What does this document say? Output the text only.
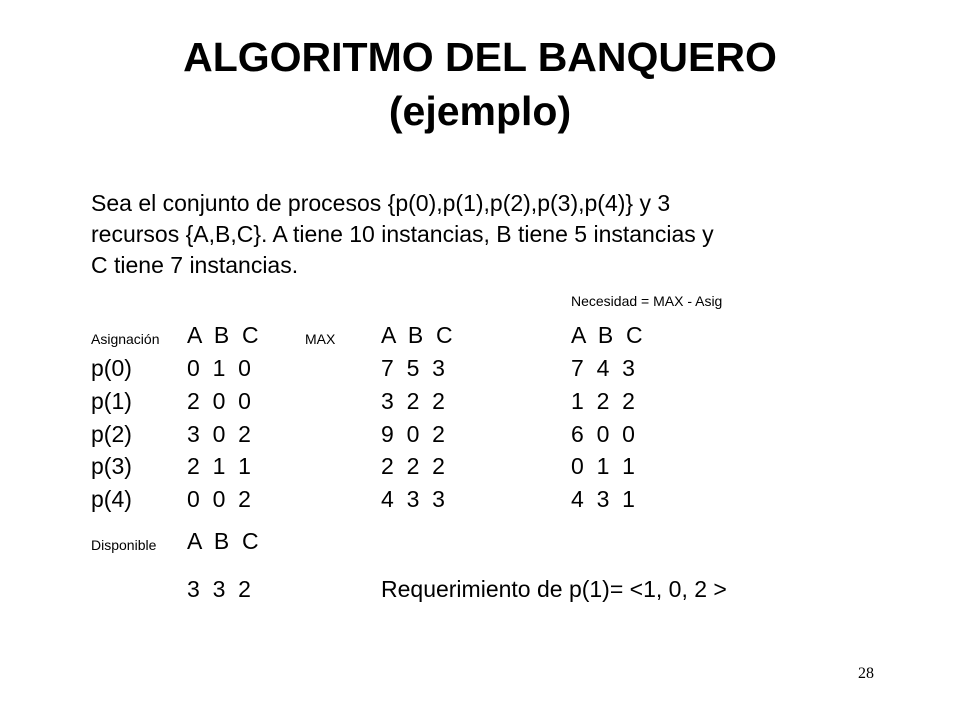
ALGORITMO DEL BANQUERO
(ejemplo)
Sea el conjunto de procesos {p(0),p(1),p(2),p(3),p(4)} y 3
recursos {A,B,C}. A tiene 10 instancias, B tiene 5 instancias y
C tiene 7 instancias.
Necesidad = MAX - Asig
Asignación A  B  C	MAX A  B  C	A  B  C
p(0) 0  1  0	7  5  3	7  4  3
p(1) 2  0  0	3  2  2	1  2  2
p(2) 3  0  2	9  0  2	6  0  0
p(3) 2  1  1	2  2  2	0  1  1
p(4) 0  0  2	4  3  3	4  3  1
Disponible A  B  C
3  3  2	Requerimiento de p(1)= <1, 0, 2 >
28
